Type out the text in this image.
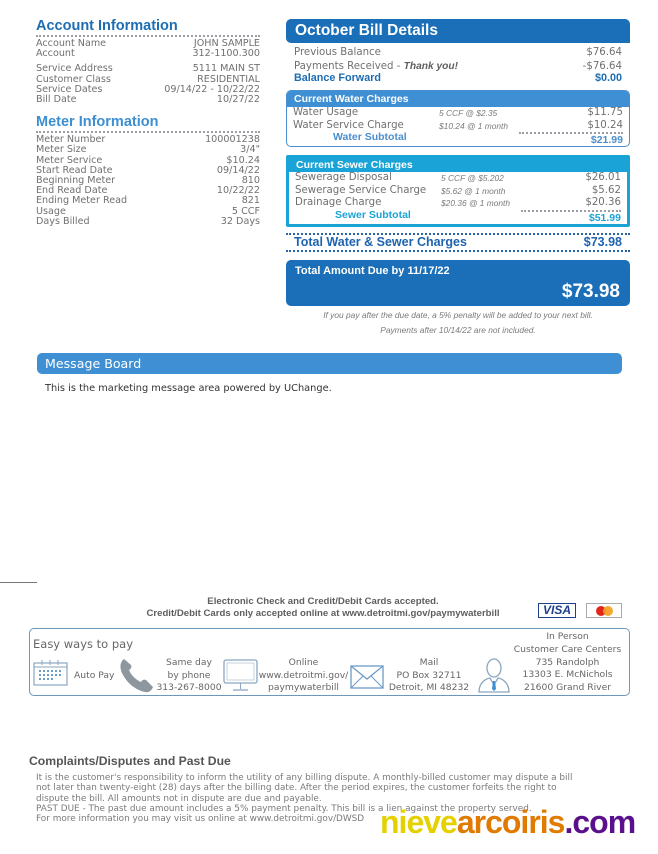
Account Information
Account Name	JOHN SAMPLE
Account	312-1100.300
Service Address	5111 MAIN ST
Customer Class	RESIDENTIAL
Service Dates	09/14/22 - 10/22/22
Bill Date	10/27/22
Meter Information
Meter Number	100001238
Meter Size	3/4"
Meter Service	$10.24
Start Read Date	09/14/22
Beginning Meter	810
End Read Date	10/22/22
Ending Meter Read	821
Usage	5 CCF
Days Billed	32 Days
October Bill Details
Previous Balance	$76.64
Payments Received - Thank you!	-$76.64
Balance Forward	$0.00
Current Water Charges
Water Usage	5 CCF @ $2.35	$11.75
Water Service Charge	$10.24 @ 1 month	$10.24
Water Subtotal	$21.99
Current Sewer Charges
Sewerage Disposal	5 CCF @ $5.202	$26.01
Sewerage Service Charge	$5.62 @ 1 month	$5.62
Drainage Charge	$20.36 @ 1 month	$20.36
Sewer Subtotal	$51.99
Total Water & Sewer Charges	$73.98
Total Amount Due by 11/17/22
$73.98
If you pay after the due date, a 5% penalty will be added to your next bill.
Payments after 10/14/22 are not included.
Message Board
This is the marketing message area powered by UChange.
Electronic Check and Credit/Debit Cards accepted.
Credit/Debit Cards only accepted online at www.detroitmi.gov/paymywaterbill	VISA
Easy ways to pay
Auto Pay
Same day
by phone
313-267-8000
Online
www.detroitmi.gov/
paymywaterbill
Mail
PO Box 32711
Detroit, MI 48232
In Person
Customer Care Centers
735 Randolph
13303 E. McNichols
21600 Grand River
Complaints/Disputes and Past Due
It is the customer's responsibility to inform the utility of any billing dispute. A monthly-billed customer may dispute a bill
not later than twenty-eight (28) days after the billing date. After the period expires, the customer forfeits the right to
dispute the bill. All amounts not in dispute are due and payable.
PAST DUE - The past due amount includes a 5% payment penalty. This bill is a lien against the property served.
For more information you may visit us online at www.detroitmi.gov/DWSD nievearcoiris.com
